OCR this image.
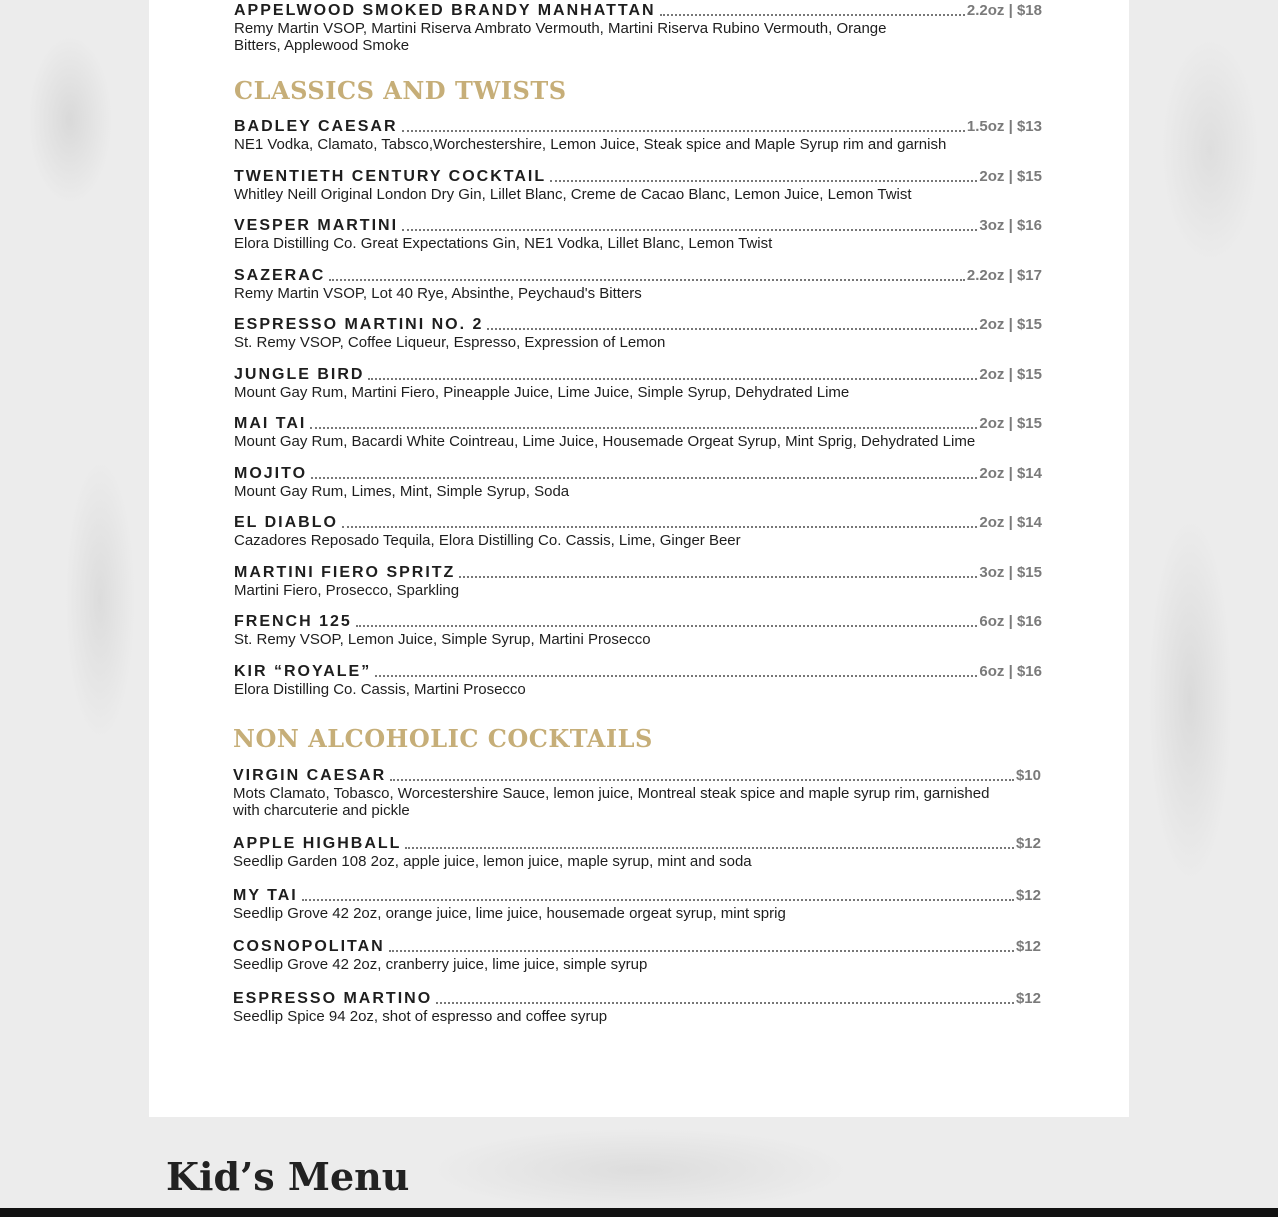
APPELWOOD SMOKED BRANDY MANHATTAN	2.2oz | $18
Remy Martin VSOP, Martini Riserva Ambrato Vermouth, Martini Riserva Rubino Vermouth, Orange Bitters, Applewood Smoke
CLASSICS AND TWISTS
BADLEY CAESAR	1.5oz | $13
NE1 Vodka, Clamato, Tabsco,Worchestershire, Lemon Juice, Steak spice and Maple Syrup rim and garnish
TWENTIETH CENTURY COCKTAIL	2oz | $15
Whitley Neill Original London Dry Gin, Lillet Blanc, Creme de Cacao Blanc, Lemon Juice, Lemon Twist
VESPER MARTINI	3oz | $16
Elora Distilling Co. Great Expectations Gin, NE1 Vodka, Lillet Blanc, Lemon Twist
SAZERAC	2.2oz | $17
Remy Martin VSOP, Lot 40 Rye, Absinthe, Peychaud's Bitters
ESPRESSO MARTINI NO. 2	2oz | $15
St. Remy VSOP, Coffee Liqueur, Espresso, Expression of Lemon
JUNGLE BIRD	2oz | $15
Mount Gay Rum, Martini Fiero, Pineapple Juice, Lime Juice, Simple Syrup, Dehydrated Lime
MAI TAI	2oz | $15
Mount Gay Rum, Bacardi White Cointreau, Lime Juice, Housemade Orgeat Syrup, Mint Sprig, Dehydrated Lime
MOJITO	2oz | $14
Mount Gay Rum, Limes, Mint, Simple Syrup, Soda
EL DIABLO	2oz | $14
Cazadores Reposado Tequila, Elora Distilling Co. Cassis, Lime, Ginger Beer
MARTINI FIERO SPRITZ	3oz | $15
Martini Fiero, Prosecco, Sparkling
FRENCH 125	6oz | $16
St. Remy VSOP, Lemon Juice, Simple Syrup, Martini Prosecco
KIR “ROYALE”	6oz | $16
Elora Distilling Co. Cassis, Martini Prosecco
NON ALCOHOLIC COCKTAILS
VIRGIN CAESAR	$10
Mots Clamato, Tobasco, Worcestershire Sauce, lemon juice, Montreal steak spice and maple syrup rim, garnished with charcuterie and pickle
APPLE HIGHBALL	$12
Seedlip Garden 108 2oz, apple juice, lemon juice, maple syrup, mint and soda
MY TAI	$12
Seedlip Grove 42 2oz, orange juice, lime juice, housemade orgeat syrup, mint sprig
COSNOPOLITAN	$12
Seedlip Grove 42 2oz, cranberry juice, lime juice, simple syrup
ESPRESSO MARTINO	$12
Seedlip Spice 94 2oz, shot of espresso and coffee syrup
Kid’s Menu
